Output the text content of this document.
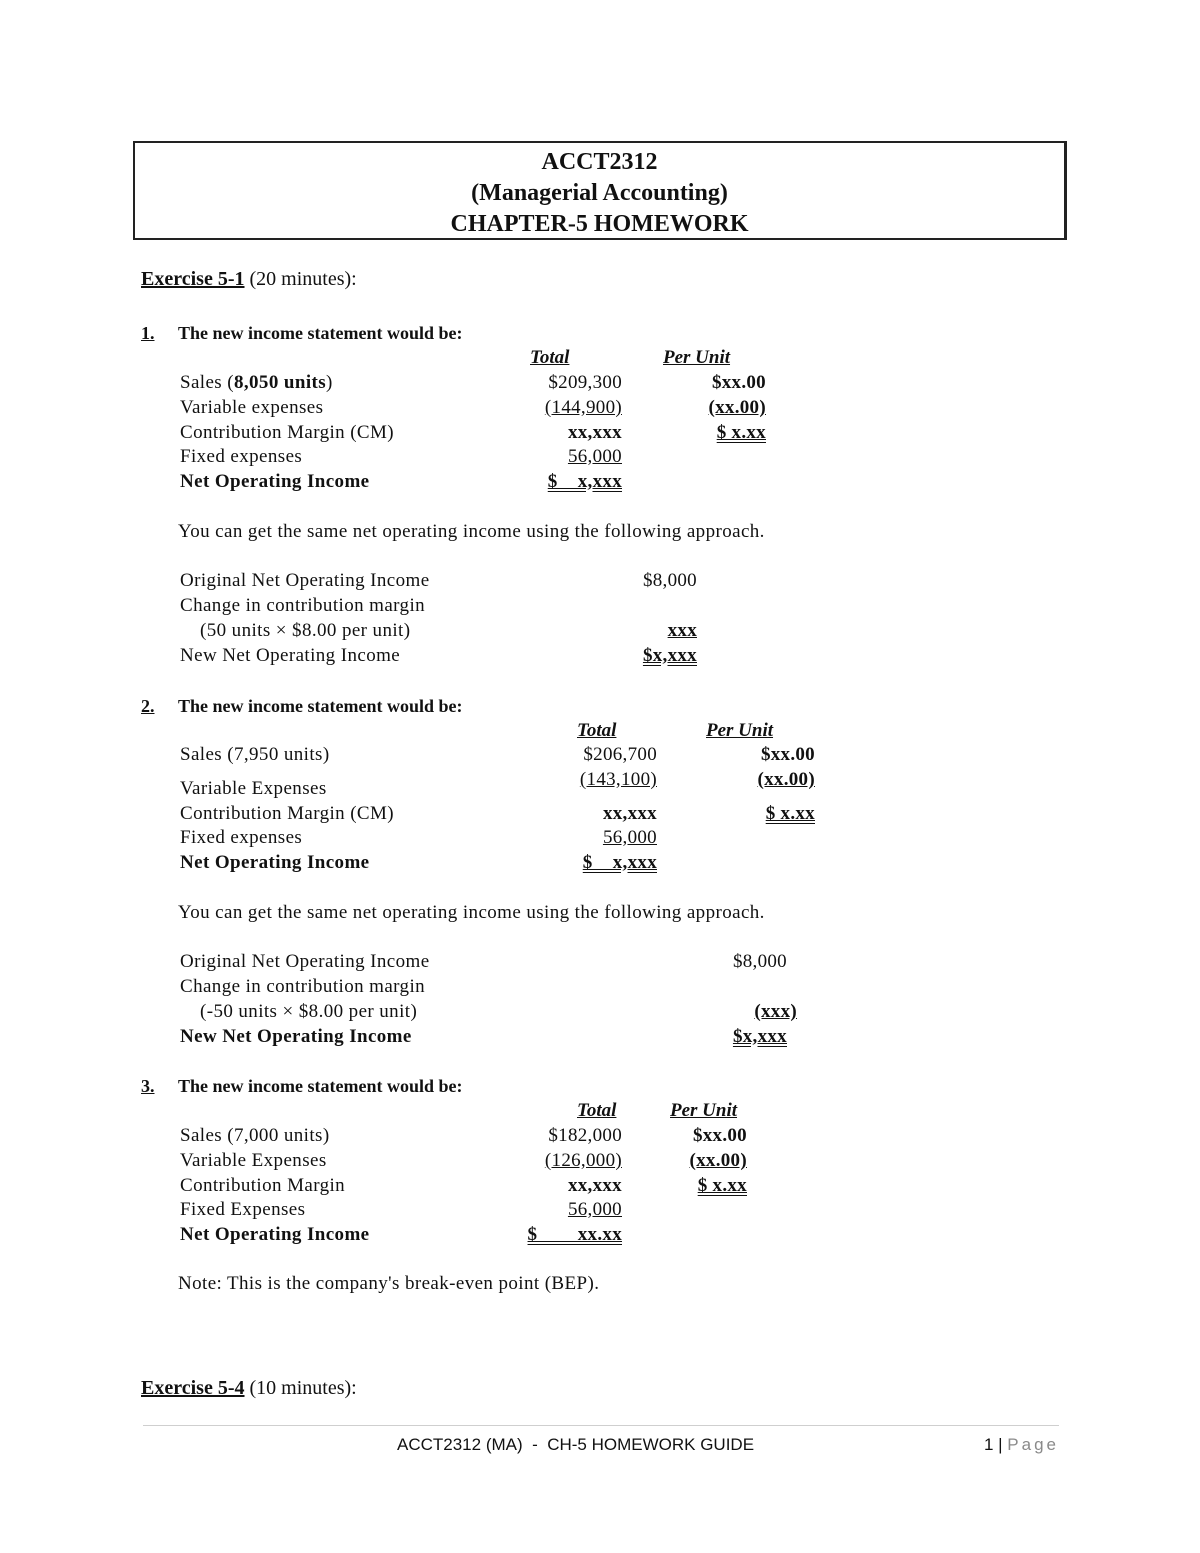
ACCT2312
(Managerial Accounting)
CHAPTER-5 HOMEWORK
Exercise 5-1 (20 minutes):
1. The new income statement would be:
Total	Per Unit
Sales (8,050 units)	$209,300	$xx.00
Variable expenses	(144,900)	(xx.00)
Contribution Margin (CM)	xx,xxx	$ x.xx
Fixed expenses	56,000
Net Operating Income	$    x,xxx
You can get the same net operating income using the following approach.
Original Net Operating Income	$8,000
Change in contribution margin
(50 units × $8.00 per unit)	xxx
New Net Operating Income	$x,xxx
2. The new income statement would be:
Total	Per Unit
Sales (7,950 units)	$206,700	$xx.00
Variable Expenses	(143,100)	(xx.00)
Contribution Margin (CM)	xx,xxx	$ x.xx
Fixed expenses	56,000
Net Operating Income	$    x,xxx
You can get the same net operating income using the following approach.
Original Net Operating Income	$8,000
Change in contribution margin
(-50 units × $8.00 per unit)	(xxx)
New Net Operating Income	$x,xxx
3. The new income statement would be:
Total	Per Unit
Sales (7,000 units)	$182,000	$xx.00
Variable Expenses	(126,000)	(xx.00)
Contribution Margin	xx,xxx	$ x.xx
Fixed Expenses	56,000
Net Operating Income	$        xx.xx
Note: This is the company's break-even point (BEP).
Exercise 5-4 (10 minutes):
ACCT2312 (MA)  -  CH-5 HOMEWORK GUIDE	1 | Page
